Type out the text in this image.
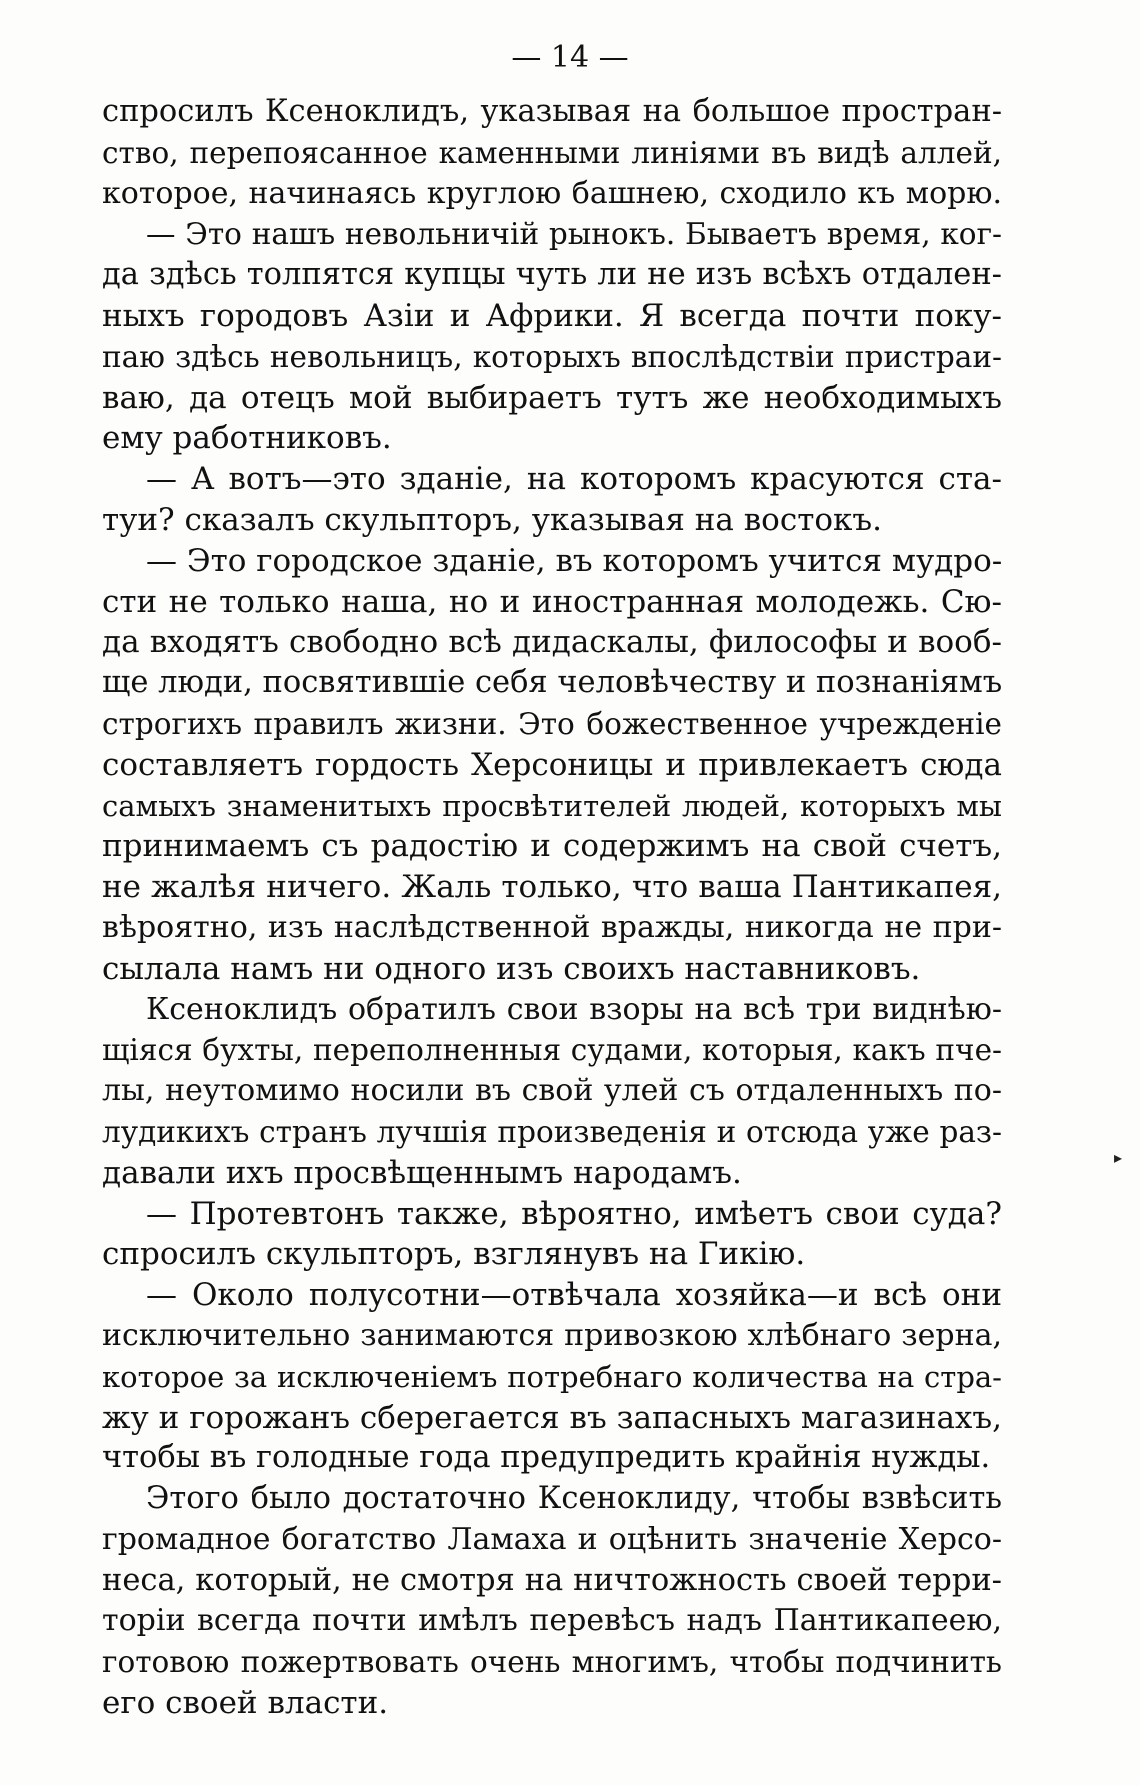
— 14 —
спросилъ Ксеноклидъ, указывая на большое простран-
ство, перепоясанное каменными линіями въ видѣ аллей,
которое, начинаясь круглою башнею, сходило къ морю.
— Это нашъ невольничій рынокъ. Бываетъ время, ког-
да здѣсь толпятся купцы чуть ли не изъ всѣхъ отдален-
ныхъ городовъ Азіи и Африки. Я всегда почти поку-
паю здѣсь невольницъ, которыхъ впослѣдствіи пристраи-
ваю, да отецъ мой выбираетъ тутъ же необходимыхъ
ему работниковъ.
— А вотъ—это зданіе, на которомъ красуются ста-
туи? сказалъ скульпторъ, указывая на востокъ.
— Это городское зданіе, въ которомъ учится мудро-
сти не только наша, но и иностранная молодежь. Сю-
да входятъ свободно всѣ дидаскалы, философы и вооб-
ще люди, посвятившіе себя человѣчеству и познаніямъ
строгихъ правилъ жизни. Это божественное учрежденіе
составляетъ гордость Херсоницы и привлекаетъ сюда
самыхъ знаменитыхъ просвѣтителей людей, которыхъ мы
принимаемъ съ радостію и содержимъ на свой счетъ,
не жалѣя ничего. Жаль только, что ваша Пантикапея,
вѣроятно, изъ наслѣдственной вражды, никогда не при-
сылала намъ ни одного изъ своихъ наставниковъ.
Ксеноклидъ обратилъ свои взоры на всѣ три виднѣю-
щіяся бухты, переполненныя судами, которыя, какъ пче-
лы, неутомимо носили въ свой улей съ отдаленныхъ по-
лудикихъ странъ лучшія произведенія и отсюда уже раз-
давали ихъ просвѣщеннымъ народамъ.
— Протевтонъ также, вѣроятно, имѣетъ свои суда?
спросилъ скульпторъ, взглянувъ на Гикію.
— Около полусотни—отвѣчала хозяйка—и всѣ они
исключительно занимаются привозкою хлѣбнаго зерна,
которое за исключеніемъ потребнаго количества на стра-
жу и горожанъ сберегается въ запасныхъ магазинахъ,
чтобы въ голодные года предупредить крайнія нужды.
Этого было достаточно Ксеноклиду, чтобы взвѣсить
громадное богатство Ламаха и оцѣнить значеніе Херсо-
неса, который, не смотря на ничтожность своей терри-
торіи всегда почти имѣлъ перевѣсъ надъ Пантикапеею,
готовою пожертвовать очень многимъ, чтобы подчинить
его своей власти.
▸
